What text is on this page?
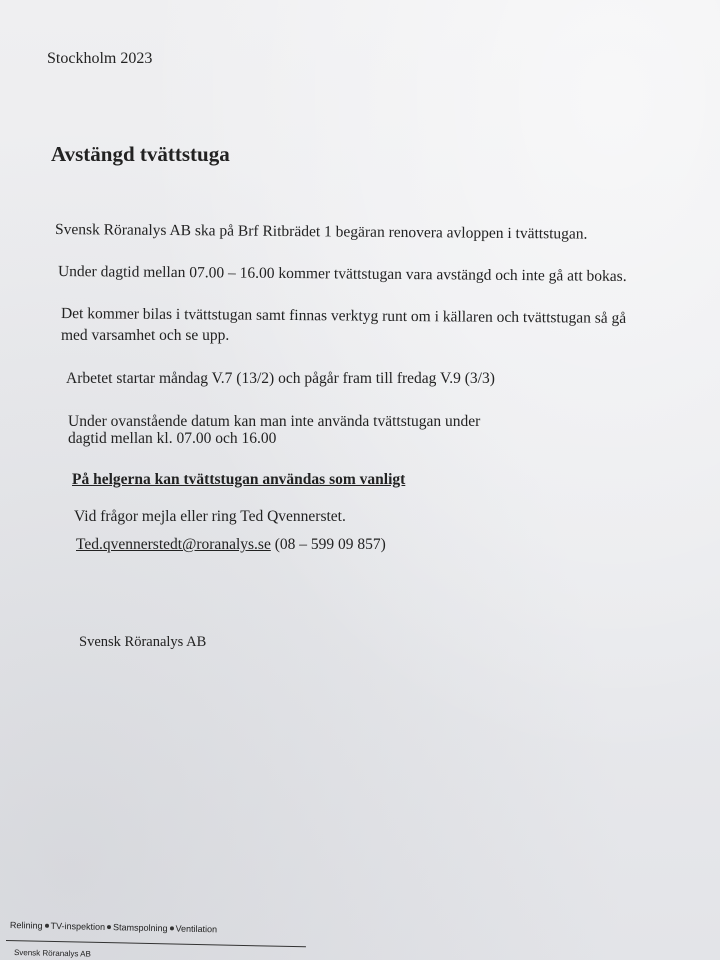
Stockholm 2023
Avstängd tvättstuga
Svensk Röranalys AB ska på Brf Ritbrädet 1 begäran renovera avloppen i tvättstugan.
Under dagtid mellan 07.00 – 16.00 kommer tvättstugan vara avstängd och inte gå att bokas.
Det kommer bilas i tvättstugan samt finnas verktyg runt om i källaren och tvättstugan så gå
med varsamhet och se upp.
Arbetet startar måndag V.7 (13/2) och pågår fram till fredag V.9 (3/3)
Under ovanstående datum kan man inte använda tvättstugan under
dagtid mellan kl. 07.00 och 16.00
På helgerna kan tvättstugan användas som vanligt
Vid frågor mejla eller ring Ted Qvennerstet.
Ted.qvennerstedt@roranalys.se (08 – 599 09 857)
Svensk Röranalys AB
Relining TV-inspektion Stamspolning Ventilation
Svensk Röranalys AB
